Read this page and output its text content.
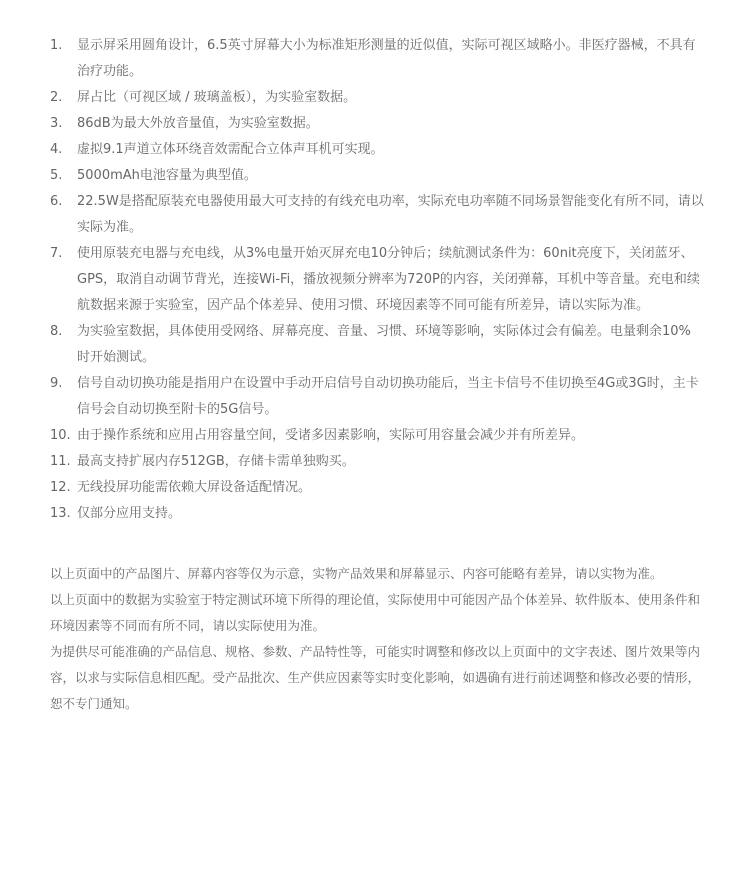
1.	显示屏采用圆角设计，6.5英寸屏幕大小为标准矩形测量的近似值，实际可视区域略小。非医疗器械，不具有治疗功能。
2.	屏占比（可视区域 / 玻璃盖板），为实验室数据。
3.	86dB为最大外放音量值，为实验室数据。
4.	虚拟9.1声道立体环绕音效需配合立体声耳机可实现。
5.	5000mAh电池容量为典型值。
6.	22.5W是搭配原装充电器使用最大可支持的有线充电功率，实际充电功率随不同场景智能变化有所不同，请以实际为准。
7.	使用原装充电器与充电线，从3%电量开始灭屏充电10分钟后；续航测试条件为：60nit亮度下，关闭蓝牙、GPS，取消自动调节背光，连接Wi-Fi，播放视频分辨率为720P的内容，关闭弹幕，耳机中等音量。充电和续航数据来源于实验室，因产品个体差异、使用习惯、环境因素等不同可能有所差异，请以实际为准。
8.	为实验室数据，具体使用受网络、屏幕亮度、音量、习惯、环境等影响，实际体过会有偏差。电量剩余10% 时开始测试。
9.	信号自动切换功能是指用户在设置中手动开启信号自动切换功能后，当主卡信号不佳切换至4G或3G时，主卡信号会自动切换至附卡的5G信号。
10. 由于操作系统和应用占用容量空间，受诸多因素影响，实际可用容量会减少并有所差异。
11. 最高支持扩展内存512GB，存储卡需单独购买。
12. 无线投屏功能需依赖大屏设备适配情况。
13. 仅部分应用支持。

以上页面中的产品图片、屏幕内容等仅为示意，实物产品效果和屏幕显示、内容可能略有差异，请以实物为准。

以上页面中的数据为实验室于特定测试环境下所得的理论值，实际使用中可能因产品个体差异、软件版本、使用条件和环境因素等不同而有所不同，请以实际使用为准。

为提供尽可能准确的产品信息、规格、参数、产品特性等，可能实时调整和修改以上页面中的文字表述、图片效果等内容，以求与实际信息相匹配。受产品批次、生产供应因素等实时变化影响，如遇确有进行前述调整和修改必要的情形，恕不专门通知。
